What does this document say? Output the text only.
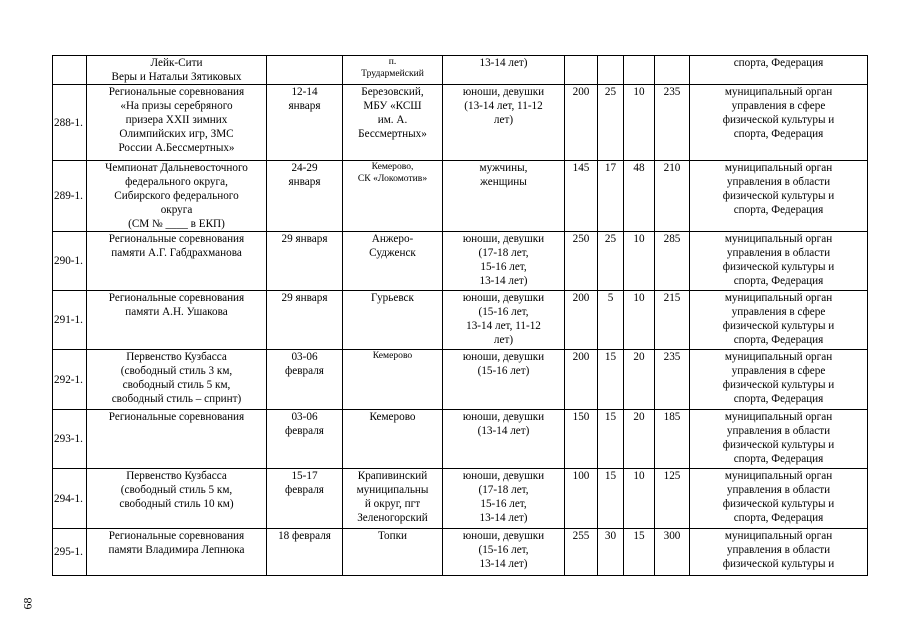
	Лейк-Сити
Веры и Натальи Зятиковых		п.
Трудармейский	13-14 лет)					спорта, Федерация
288-1.	Региональные соревнования
«На призы серебряного
призера XXII зимних
Олимпийских игр, ЗМС
России А.Бессмертных»	12-14
января	Березовский,
МБУ «КСШ
им. А.
Бессмертных»	юноши, девушки
(13-14 лет, 11-12
лет)	200	25	10	235	муниципальный орган
управления в сфере
физической культуры и
спорта, Федерация
289-1.	Чемпионат Дальневосточного
федерального округа,
Сибирского федерального
округа
(СМ № ____ в ЕКП)	24-29
января	Кемерово,
СК «Локомотив»	мужчины,
женщины	145	17	48	210	муниципальный орган
управления в области
физической культуры и
спорта, Федерация
290-1.	Региональные соревнования
памяти А.Г. Габдрахманова	29 января	Анжеро-
Судженск	юноши, девушки
(17-18 лет,
15-16 лет,
13-14 лет)	250	25	10	285	муниципальный орган
управления в области
физической культуры и
спорта, Федерация
291-1.	Региональные соревнования
памяти А.Н. Ушакова	29 января	Гурьевск	юноши, девушки
(15-16 лет,
13-14 лет, 11-12
лет)	200	5	10	215	муниципальный орган
управления в сфере
физической культуры и
спорта, Федерация
292-1.	Первенство Кузбасса
(свободный стиль 3 км,
свободный стиль 5 км,
свободный стиль – спринт)	03-06
февраля	Кемерово	юноши, девушки
(15-16 лет)	200	15	20	235	муниципальный орган
управления в сфере
физической культуры и
спорта, Федерация
293-1.	Региональные соревнования	03-06
февраля	Кемерово	юноши, девушки
(13-14 лет)	150	15	20	185	муниципальный орган
управления в области
физической культуры и
спорта, Федерация
294-1.	Первенство Кузбасса
(свободный стиль 5 км,
свободный стиль 10 км)	15-17
февраля	Крапивинский
муниципальны
й округ, пгт
Зеленогорский	юноши, девушки
(17-18 лет,
15-16 лет,
13-14 лет)	100	15	10	125	муниципальный орган
управления в области
физической культуры и
спорта, Федерация
295-1.	Региональные соревнования
памяти Владимира Лепнюка	18 февраля	Топки	юноши, девушки
(15-16 лет,
13-14 лет)	255	30	15	300	муниципальный орган
управления в области
физической культуры и
68
